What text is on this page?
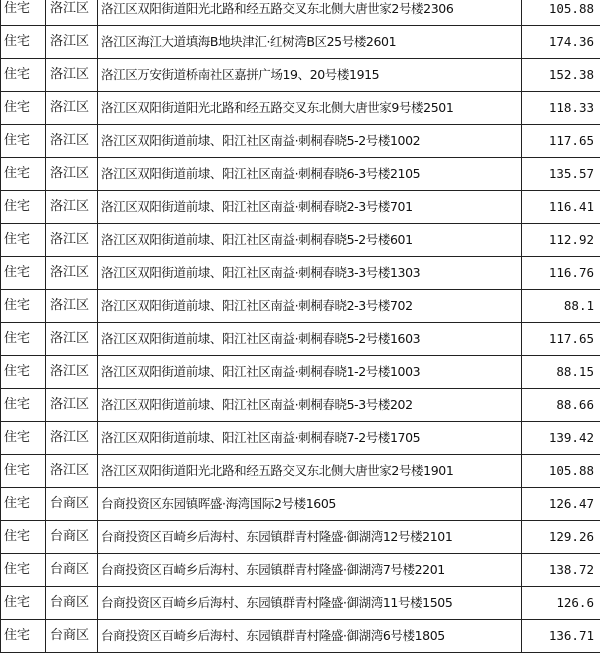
住宅	洛江区	洛江区双阳街道阳光北路和经五路交叉东北侧大唐世家2号楼2306	105.88
住宅	洛江区	洛江区海江大道填海B地块津汇·红树湾B区25号楼2601	174.36
住宅	洛江区	洛江区万安街道桥南社区嘉拼广场19、20号楼1915	152.38
住宅	洛江区	洛江区双阳街道阳光北路和经五路交叉东北侧大唐世家9号楼2501	118.33
住宅	洛江区	洛江区双阳街道前埭、阳江社区南益·刺桐春晓5-2号楼1002	117.65
住宅	洛江区	洛江区双阳街道前埭、阳江社区南益·刺桐春晓6-3号楼2105	135.57
住宅	洛江区	洛江区双阳街道前埭、阳江社区南益·刺桐春晓2-3号楼701	116.41
住宅	洛江区	洛江区双阳街道前埭、阳江社区南益·刺桐春晓5-2号楼601	112.92
住宅	洛江区	洛江区双阳街道前埭、阳江社区南益·刺桐春晓3-3号楼1303	116.76
住宅	洛江区	洛江区双阳街道前埭、阳江社区南益·刺桐春晓2-3号楼702	88.1
住宅	洛江区	洛江区双阳街道前埭、阳江社区南益·刺桐春晓5-2号楼1603	117.65
住宅	洛江区	洛江区双阳街道前埭、阳江社区南益·刺桐春晓1-2号楼1003	88.15
住宅	洛江区	洛江区双阳街道前埭、阳江社区南益·刺桐春晓5-3号楼202	88.66
住宅	洛江区	洛江区双阳街道前埭、阳江社区南益·刺桐春晓7-2号楼1705	139.42
住宅	洛江区	洛江区双阳街道阳光北路和经五路交叉东北侧大唐世家2号楼1901	105.88
住宅	台商区	台商投资区东园镇晖盛·海湾国际2号楼1605	126.47
住宅	台商区	台商投资区百崎乡后海村、东园镇群青村隆盛·御湖湾12号楼2101	129.26
住宅	台商区	台商投资区百崎乡后海村、东园镇群青村隆盛·御湖湾7号楼2201	138.72
住宅	台商区	台商投资区百崎乡后海村、东园镇群青村隆盛·御湖湾11号楼1505	126.6
住宅	台商区	台商投资区百崎乡后海村、东园镇群青村隆盛·御湖湾6号楼1805	136.71
